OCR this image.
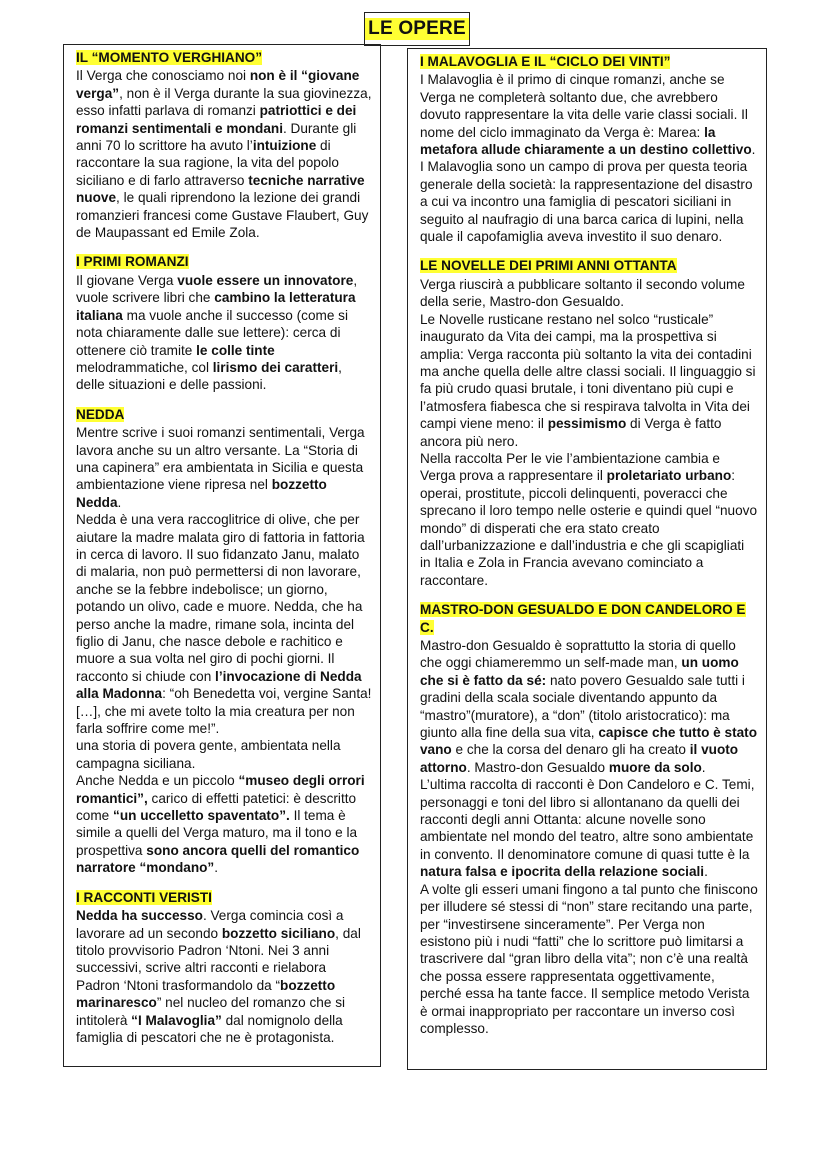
LE OPERE
IL “MOMENTO VERGHIANO”

Il Verga che conosciamo noi non è il “giovane verga”, non è il Verga durante la sua giovinezza, esso infatti parlava di romanzi patriottici e dei romanzi sentimentali e mondani. Durante gli anni 70 lo scrittore ha avuto l’intuizione di raccontare la sua ragione, la vita del popolo siciliano e di farlo attraverso tecniche narrative nuove, le quali riprendono la lezione dei grandi romanzieri francesi come Gustave Flaubert, Guy de Maupassant ed Emile Zola.

I PRIMI ROMANZI

Il giovane Verga vuole essere un innovatore, vuole scrivere libri che cambino la letteratura italiana ma vuole anche il successo (come si nota chiaramente dalle sue lettere): cerca di ottenere ciò tramite le colle tinte melodrammatiche, col lirismo dei caratteri, delle situazioni e delle passioni.

NEDDA

Mentre scrive i suoi romanzi sentimentali, Verga lavora anche su un altro versante. La “Storia di una capinera” era ambientata in Sicilia e questa ambientazione viene ripresa nel bozzetto Nedda.

Nedda è una vera raccoglitrice di olive, che per aiutare la madre malata giro di fattoria in fattoria in cerca di lavoro. Il suo fidanzato Janu, malato di malaria, non può permettersi di non lavorare, anche se la febbre indebolisce; un giorno, potando un olivo, cade e muore. Nedda, che ha perso anche la madre, rimane sola, incinta del figlio di Janu, che nasce debole e rachitico e muore a sua volta nel giro di pochi giorni. Il racconto si chiude con l’invocazione di Nedda alla Madonna: “oh Benedetta voi, vergine Santa! […], che mi avete tolto la mia creatura per non farla soffrire come me!”.

una storia di povera gente, ambientata nella campagna siciliana.

Anche Nedda e un piccolo “museo degli orrori romantici”, carico di effetti patetici: è descritto come “un uccelletto spaventato”. Il tema è simile a quelli del Verga maturo, ma il tono e la prospettiva sono ancora quelli del romantico narratore “mondano”.

I RACCONTI VERISTI

Nedda ha successo. Verga comincia così a lavorare ad un secondo bozzetto siciliano, dal titolo provvisorio Padron ‘Ntoni. Nei 3 anni successivi, scrive altri racconti e rielabora Padron ‘Ntoni trasformandolo da “bozzetto marinaresco” nel nucleo del romanzo che si intitolerà “I Malavoglia” dal nomignolo della famiglia di pescatori che ne è protagonista.

I MALAVOGLIA E IL “CICLO DEI VINTI”

I Malavoglia è il primo di cinque romanzi, anche se Verga ne completerà soltanto due, che avrebbero dovuto rappresentare la vita delle varie classi sociali. Il nome del ciclo immaginato da Verga è: Marea: la metafora allude chiaramente a un destino collettivo. I Malavoglia sono un campo di prova per questa teoria generale della società: la rappresentazione del disastro a cui va incontro una famiglia di pescatori siciliani in seguito al naufragio di una barca carica di lupini, nella quale il capofamiglia aveva investito il suo denaro.

LE NOVELLE DEI PRIMI ANNI OTTANTA

Verga riuscirà a pubblicare soltanto il secondo volume della serie, Mastro-don Gesualdo.

Le Novelle rusticane restano nel solco “rusticale” inaugurato da Vita dei campi, ma la prospettiva si amplia: Verga racconta più soltanto la vita dei contadini ma anche quella delle altre classi sociali. Il linguaggio si fa più crudo quasi brutale, i toni diventano più cupi e l’atmosfera fiabesca che si respirava talvolta in Vita dei campi viene meno: il pessimismo di Verga è fatto ancora più nero.

Nella raccolta Per le vie l’ambientazione cambia e Verga prova a rappresentare il proletariato urbano: operai, prostitute, piccoli delinquenti, poveracci che sprecano il loro tempo nelle osterie e quindi quel “nuovo mondo” di disperati che era stato creato dall’urbanizzazione e dall’industria e che gli scapigliati in Italia e Zola in Francia avevano cominciato a raccontare.

MASTRO-DON GESUALDO E DON CANDELORO E C.

Mastro-don Gesualdo è soprattutto la storia di quello che oggi chiameremmo un self-made man, un uomo che si è fatto da sé: nato povero Gesualdo sale tutti i gradini della scala sociale diventando appunto da “mastro”(muratore), a “don” (titolo aristocratico): ma giunto alla fine della sua vita, capisce che tutto è stato vano e che la corsa del denaro gli ha creato il vuoto attorno. Mastro-don Gesualdo muore da solo.

L’ultima raccolta di racconti è Don Candeloro e C. Temi, personaggi e toni del libro si allontanano da quelli dei racconti degli anni Ottanta: alcune novelle sono ambientate nel mondo del teatro, altre sono ambientate in convento. Il denominatore comune di quasi tutte è la natura falsa e ipocrita della relazione sociali.

A volte gli esseri umani fingono a tal punto che finiscono per illudere sé stessi di “non” stare recitando una parte, per “investirsene sinceramente”. Per Verga non esistono più i nudi “fatti” che lo scrittore può limitarsi a trascrivere dal “gran libro della vita”; non c’è una realtà che possa essere rappresentata oggettivamente, perché essa ha tante facce. Il semplice metodo Verista è ormai inappropriato per raccontare un inverso così complesso.
